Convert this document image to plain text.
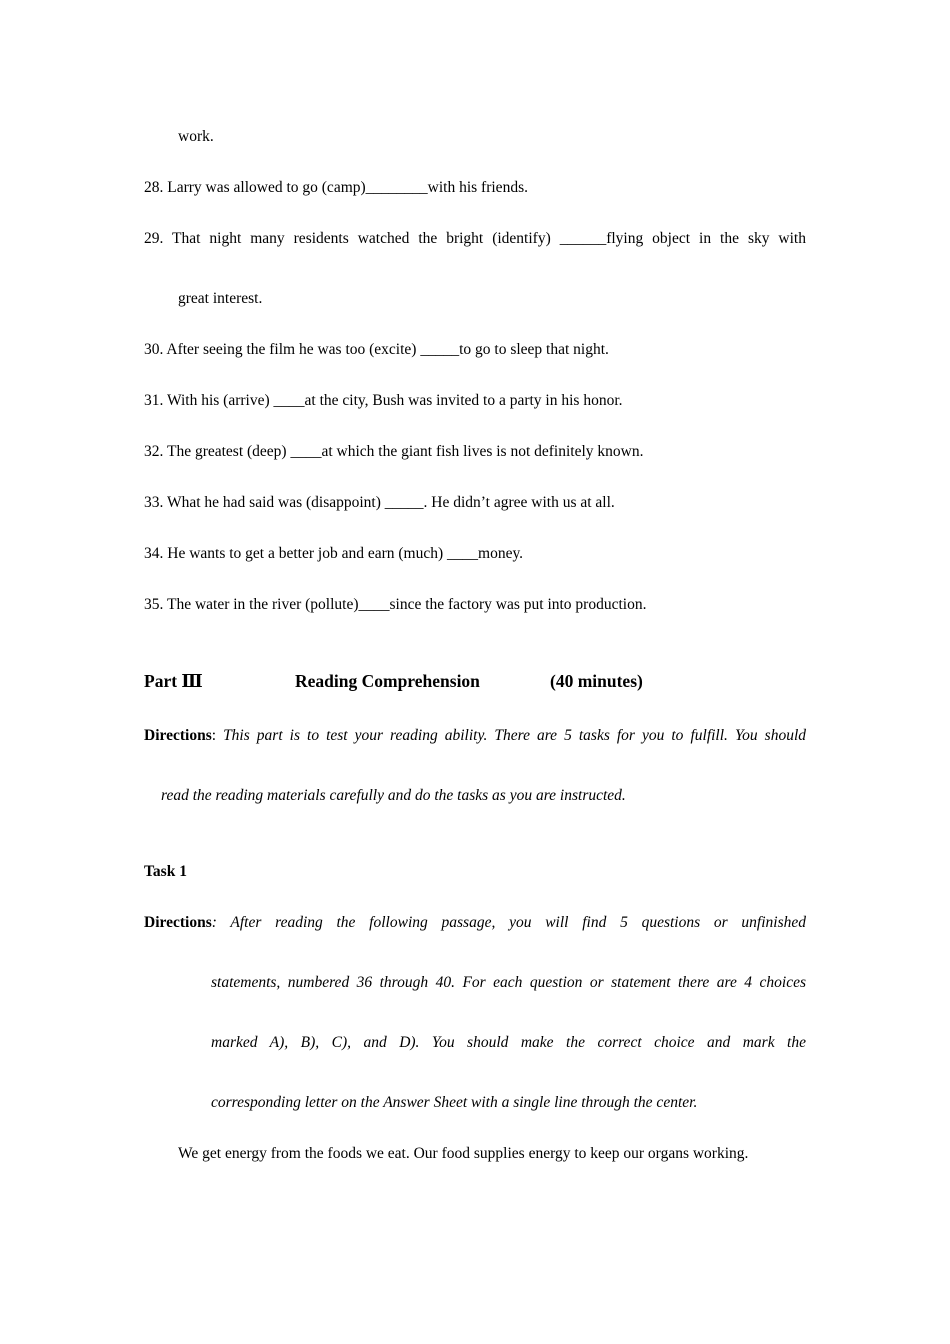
work.
28. Larry was allowed to go (camp)________with his friends.
29. That night many residents watched the bright (identify) ______flying object in the sky with
great interest.
30. After seeing the film he was too (excite) _____to go to sleep that night.
31. With his (arrive) ____at the city, Bush was invited to a party in his honor.
32. The greatest (deep) ____at which the giant fish lives is not definitely known.
33. What he had said was (disappoint) _____. He didn’t agree with us at all.
34. He wants to get a better job and earn (much) ____money.
35. The water in the river (pollute)____since the factory was put into production.
Part Ⅲ	Reading Comprehension	(40 minutes)
Directions: This part is to test your reading ability. There are 5 tasks for you to fulfill. You should
read the reading materials carefully and do the tasks as you are instructed.
Task 1
Directions: After reading the following passage, you will find 5 questions or unfinished
statements, numbered 36 through 40. For each question or statement there are 4 choices
marked A), B), C), and D). You should make the correct choice and mark the
corresponding letter on the Answer Sheet with a single line through the center.
We get energy from the foods we eat. Our food supplies energy to keep our organs working.
